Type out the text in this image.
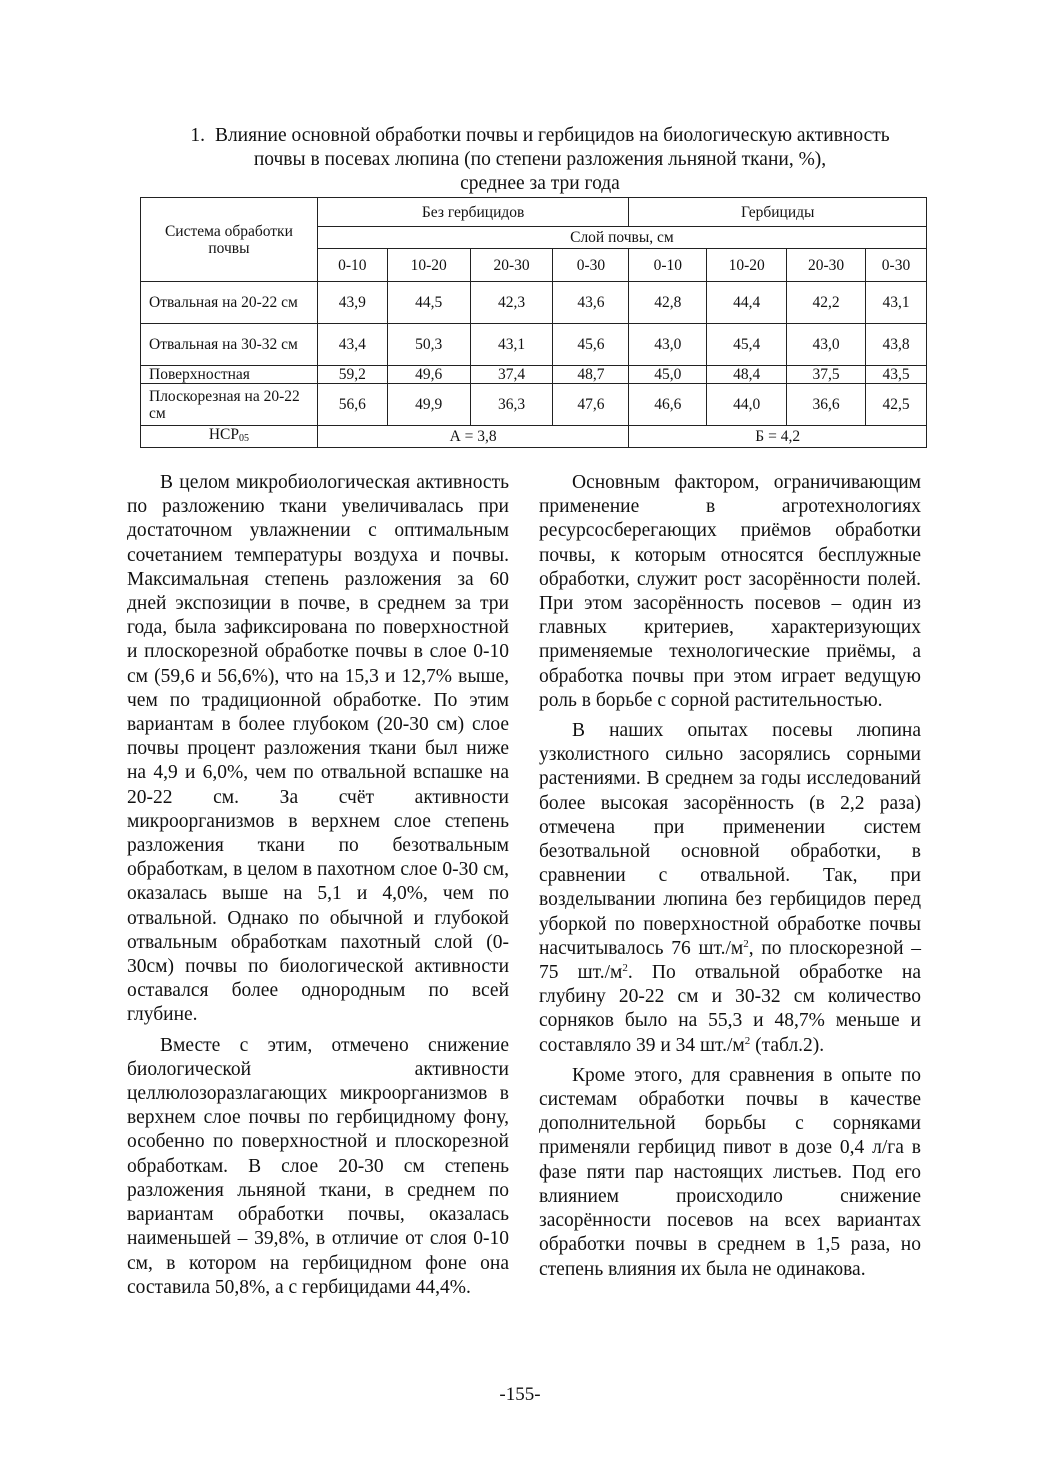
1. Влияние основной обработки почвы и гербицидов на биологическую активность
почвы в посевах люпина (по степени разложения льняной ткани, %),
среднее за три года
Система обработки почвы	Без гербицидов				Гербициды			
	Слой почвы, см							
	0-10	10-20	20-30	0-30	0-10	10-20	20-30	0-30
Отвальная на 20-22 см	43,9	44,5	42,3	43,6	42,8	44,4	42,2	43,1
Отвальная на 30-32 см	43,4	50,3	43,1	45,6	43,0	45,4	43,0	43,8
Поверхностная	59,2	49,6	37,4	48,7	45,0	48,4	37,5	43,5
Плоскорезная на 20-22 см	56,6	49,9	36,3	47,6	46,6	44,0	36,6	42,5
$НСР_{05}$	А = 3,8				Б = 4,2			

В целом микробиологическая активность по разложению ткани увеличивалась при достаточном увлажнении с оптимальным сочетанием температуры воздуха и почвы. Максимальная степень разложения за 60 дней экспозиции в почве, в среднем за три года, была зафиксирована по поверхностной и плоскорезной обработке почвы в слое 0-10 см (59,6 и 56,6%), что на 15,3 и 12,7% выше, чем по традиционной обработке. По этим вариантам в более глубоком (20-30 см) слое почвы процент разложения ткани был ниже на 4,9 и 6,0%, чем по отвальной вспашке на 20-22 см. За счёт активности микроорганизмов в верхнем слое степень разложения ткани по безотвальным обработкам, в целом в пахотном слое 0-30 см, оказалась выше на 5,1 и 4,0%, чем по отвальной. Однако по обычной и глубокой отвальным обработкам пахотный слой (0-30см) почвы по биологической активности оставался более однородным по всей глубине.

Вместе с этим, отмечено снижение биологической активности целлюлозоразлагающих микроорганизмов в верхнем слое почвы по гербицидному фону, особенно по поверхностной и плоскорезной обработкам. В слое 20-30 см степень разложения льняной ткани, в среднем по вариантам обработки почвы, оказалась наименьшей – 39,8%, в отличие от слоя 0-10 см, в котором на гербицидном фоне она составила 50,8%, а с гербицидами 44,4%.

Основным фактором, ограничивающим применение в агротехнологиях ресурсосберегающих приёмов обработки почвы, к которым относятся бесплужные обработки, служит рост засорённости полей. При этом засорённость посевов – один из главных критериев, характеризующих применяемые технологические приёмы, а обработка почвы при этом играет ведущую роль в борьбе с сорной растительностью.

В наших опытах посевы люпина узколистного сильно засорялись сорными растениями. В среднем за годы исследований более высокая засорённость (в 2,2 раза) отмечена при применении систем безотвальной основной обработки, в сравнении с отвальной. Так, при возделывании люпина без гербицидов перед уборкой по поверхностной обработке почвы насчитывалось 76 $шт./м^2$, по плоскорезной – 75 $шт./м^2$. По отвальной обработке на глубину 20-22 см и 30-32 см количество сорняков было на 55,3 и 48,7% меньше и составляло 39 и 34 $шт./м^2$ (табл.2).

Кроме этого, для сравнения в опыте по системам обработки почвы в качестве дополнительной борьбы с сорняками применяли гербицид пивот в дозе 0,4 л/га в фазе пяти пар настоящих листьев. Под его влиянием происходило снижение засорённости посевов на всех вариантах обработки почвы в среднем в 1,5 раза, но степень влияния их была не одинакова.

-155-
